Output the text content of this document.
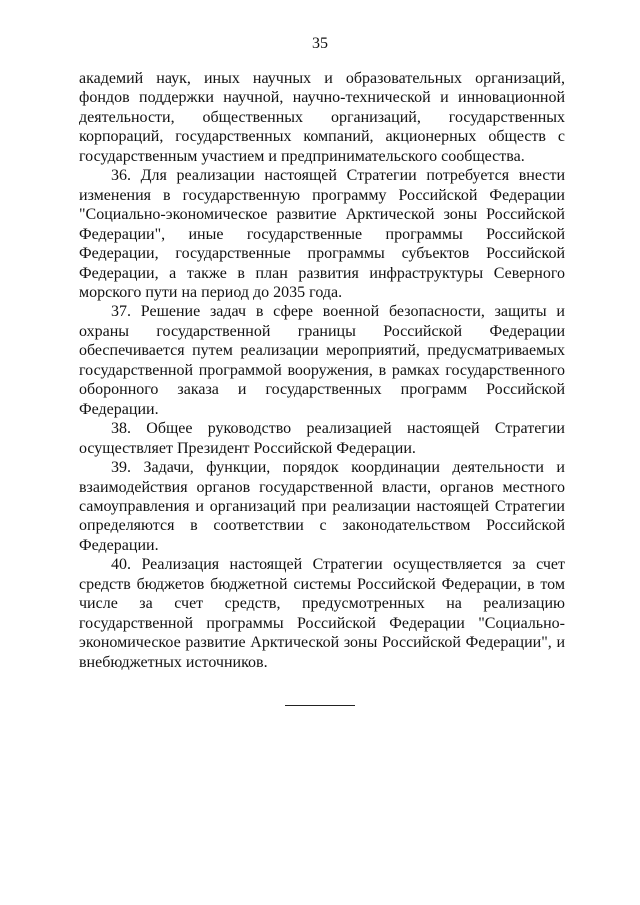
35

академий наук, иных научных и образовательных организаций, фондов поддержки научной, научно-технической и инновационной деятельности, общественных организаций, государственных корпораций, государственных компаний, акционерных обществ с государственным участием и предпринимательского сообщества.

36. Для реализации настоящей Стратегии потребуется внести изменения в государственную программу Российской Федерации "Социально-экономическое развитие Арктической зоны Российской Федерации", иные государственные программы Российской Федерации, государственные программы субъектов Российской Федерации, а также в план развития инфраструктуры Северного морского пути на период до 2035 года.

37. Решение задач в сфере военной безопасности, защиты и охраны государственной границы Российской Федерации обеспечивается путем реализации мероприятий, предусматриваемых государственной программой вооружения, в рамках государственного оборонного заказа и государственных программ Российской Федерации.

38. Общее руководство реализацией настоящей Стратегии осуществляет Президент Российской Федерации.

39. Задачи, функции, порядок координации деятельности и взаимодействия органов государственной власти, органов местного самоуправления и организаций при реализации настоящей Стратегии определяются в соответствии с законодательством Российской Федерации.

40. Реализация настоящей Стратегии осуществляется за счет средств бюджетов бюджетной системы Российской Федерации, в том числе за счет средств, предусмотренных на реализацию государственной программы Российской Федерации "Социально-экономическое развитие Арктической зоны Российской Федерации", и внебюджетных источников.
